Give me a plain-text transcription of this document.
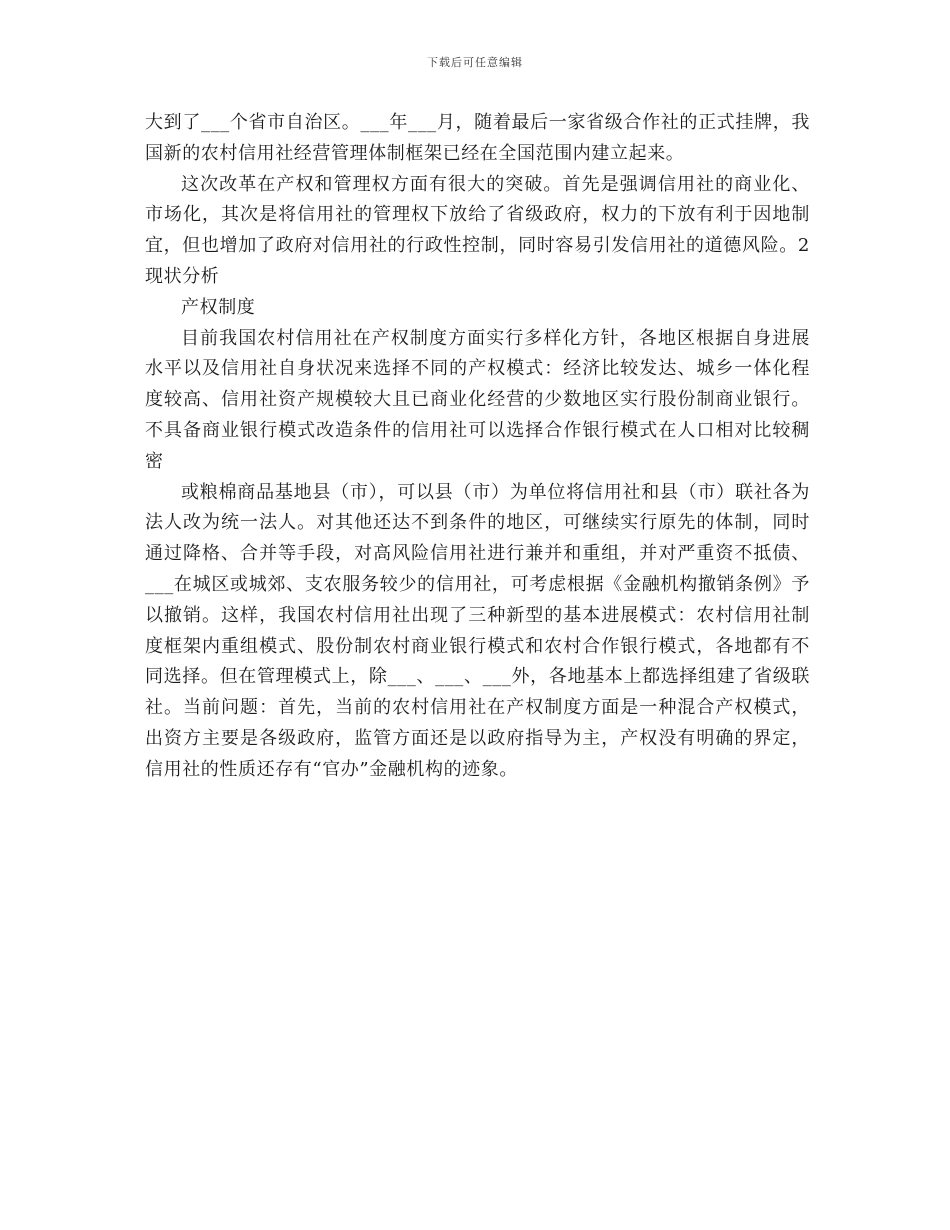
下载后可任意编辑

大到了___个省市自治区。___年___月，随着最后一家省级合作社的正式挂牌，我国新的农村信用社经营管理体制框架已经在全国范围内建立起来。

这次改革在产权和管理权方面有很大的突破。首先是强调信用社的商业化、市场化，其次是将信用社的管理权下放给了省级政府，权力的下放有利于因地制宜，但也增加了政府对信用社的行政性控制，同时容易引发信用社的道德风险。2现状分析

产权制度

目前我国农村信用社在产权制度方面实行多样化方针，各地区根据自身进展水平以及信用社自身状况来选择不同的产权模式：经济比较发达、城乡一体化程度较高、信用社资产规模较大且已商业化经营的少数地区实行股份制商业银行。不具备商业银行模式改造条件的信用社可以选择合作银行模式在人口相对比较稠密

或粮棉商品基地县（市），可以县（市）为单位将信用社和县（市）联社各为法人改为统一法人。对其他还达不到条件的地区，可继续实行原先的体制，同时通过降格、合并等手段，对高风险信用社进行兼并和重组，并对严重资不抵债、___在城区或城郊、支农服务较少的信用社，可考虑根据《金融机构撤销条例》予以撤销。这样，我国农村信用社出现了三种新型的基本进展模式：农村信用社制度框架内重组模式、股份制农村商业银行模式和农村合作银行模式，各地都有不同选择。但在管理模式上，除___、___、___外，各地基本上都选择组建了省级联社。当前问题：首先，当前的农村信用社在产权制度方面是一种混合产权模式，出资方主要是各级政府，监管方面还是以政府指导为主，产权没有明确的界定，信用社的性质还存有“官办”金融机构的迹象。
